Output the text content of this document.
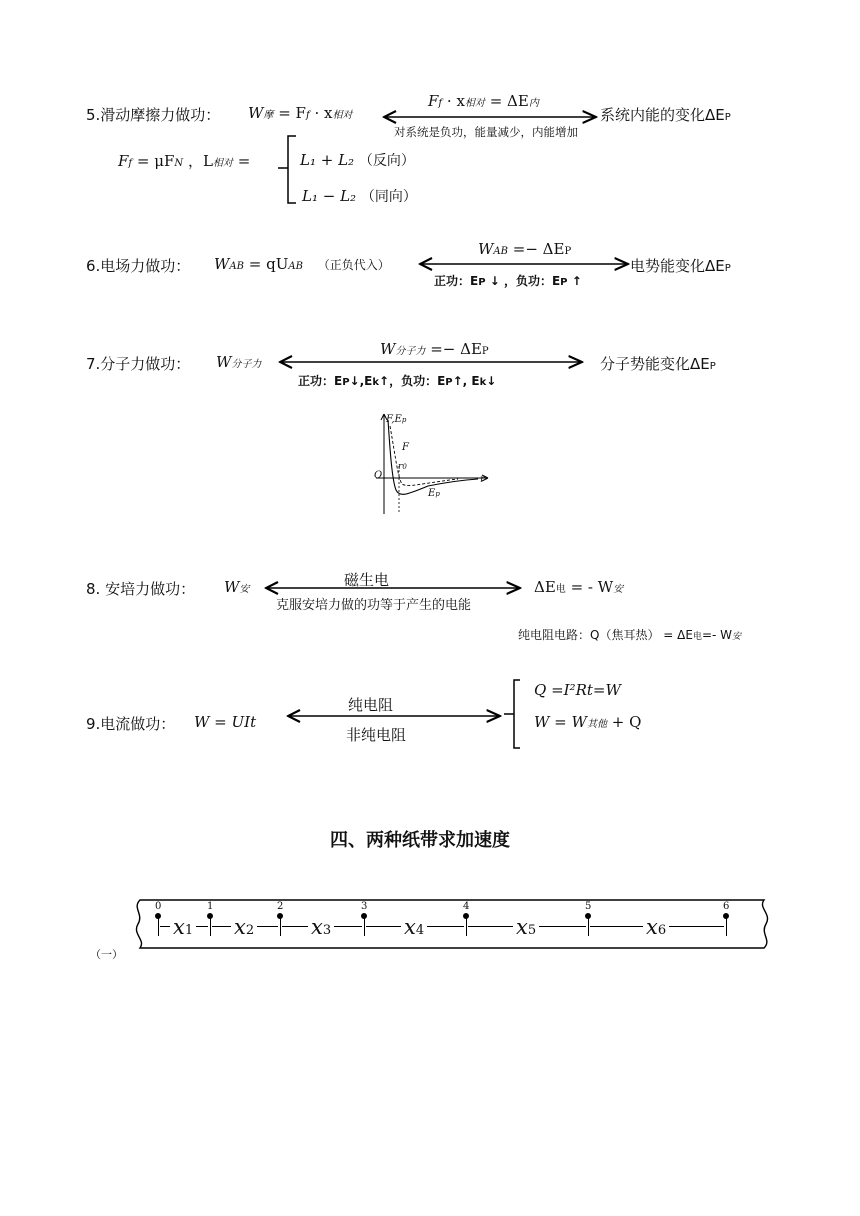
5.滑动摩擦力做功： W摩 = Ff · x相对
Ff · x相对 = ΔE内
对系统是负功，能量减少，内能增加
系统内能的变化ΔEP
Ff = μFN ，L相对 =	L₁ + L₂ （反向）
L₁ − L₂ （同向）
6.电场力做功： WAB = qUAB （正负代入）
WAB =− ΔEP
正功：EP ↓ ，负功：EP ↑
电势能变化ΔEP
7.分子力做功： W分子力
W分子力 =− ΔEP
正功：EP↓,Ek↑，负功：EP↑, Ek↓
分子势能变化ΔEP
F,Ep
F
r0
O	r
Ep
8. 安培力做功： W安
磁生电
克服安培力做的功等于产生的电能
ΔE电 = - W安
纯电阻电路：Q（焦耳热） = ΔE电=- W安
9.电流做功： W = UIt
纯电阻
非纯电阻
Q =I²Rt=W
W = W其他 + Q
四、两种纸带求加速度
0	1	2	3	4	5	6
x1 x2	x3	x4	x5	x6
（一）
